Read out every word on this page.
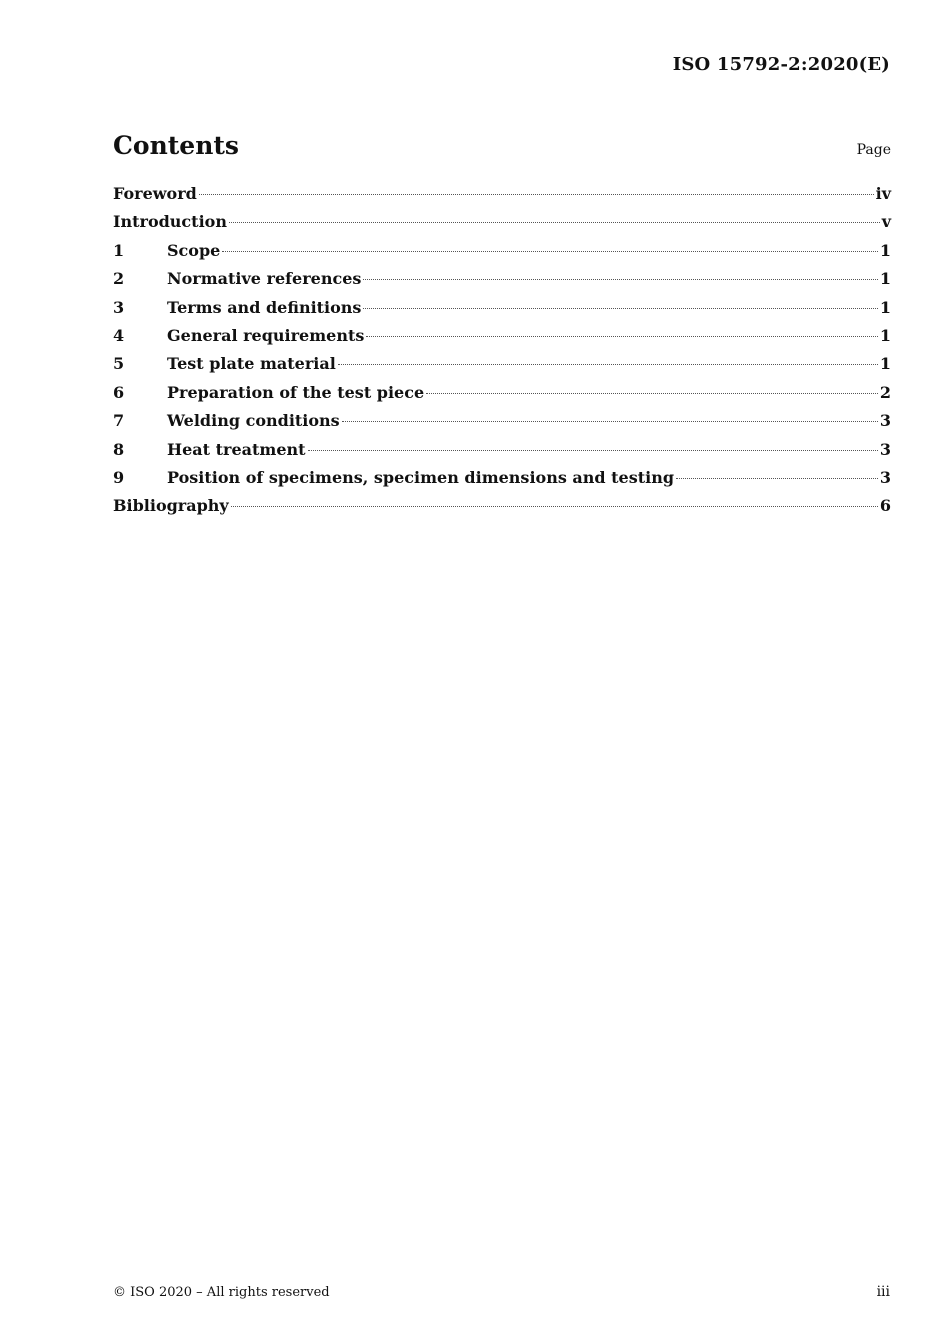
ISO 15792-2:2020(E)
Contents	Page
Foreword	iv
Introduction	v
1	Scope	1
2	Normative references	1
3	Terms and definitions	1
4	General requirements	1
5	Test plate material	1
6	Preparation of the test piece	2
7	Welding conditions	3
8	Heat treatment	3
9	Position of specimens, specimen dimensions and testing	3
Bibliography	6
© ISO 2020 – All rights reserved	iii
